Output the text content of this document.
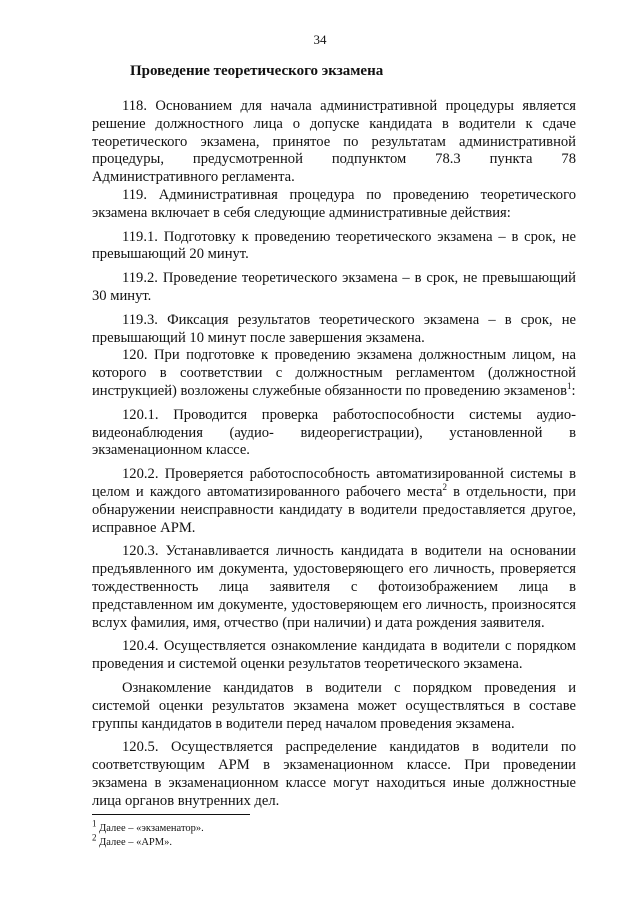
34
Проведение теоретического экзамена

118. Основанием для начала административной процедуры является решение должностного лица о допуске кандидата в водители к сдаче теоретического экзамена, принятое по результатам административной процедуры, предусмотренной подпунктом 78.3 пункта 78 Административного регламента.

119. Административная процедура по проведению теоретического экзамена включает в себя следующие административные действия:

119.1. Подготовку к проведению теоретического экзамена – в срок, не превышающий 20 минут.

119.2. Проведение теоретического экзамена – в срок, не превышающий 30 минут.

119.3. Фиксация результатов теоретического экзамена – в срок, не превышающий 10 минут после завершения экзамена.

120. При подготовке к проведению экзамена должностным лицом, на которого в соответствии с должностным регламентом (должностной инструкцией) возложены служебные обязанности по проведению экзаменов$^1$:

120.1. Проводится проверка работоспособности системы аудио-видеонаблюдения (аудио- видеорегистрации), установленной в экзаменационном классе.

120.2. Проверяется работоспособность автоматизированной системы в целом и каждого автоматизированного рабочего места$^2$ в отдельности, при обнаружении неисправности кандидату в водители предоставляется другое, исправное АРМ.

120.3. Устанавливается личность кандидата в водители на основании предъявленного им документа, удостоверяющего его личность, проверяется тождественность лица заявителя с фотоизображением лица в представленном им документе, удостоверяющем его личность, произносятся вслух фамилия, имя, отчество (при наличии) и дата рождения заявителя.

120.4. Осуществляется ознакомление кандидата в водители с порядком проведения и системой оценки результатов теоретического экзамена.

Ознакомление кандидатов в водители с порядком проведения и системой оценки результатов экзамена может осуществляться в составе группы кандидатов в водители перед началом проведения экзамена.

120.5. Осуществляется распределение кандидатов в водители по соответствующим АРМ в экзаменационном классе. При проведении экзамена в экзаменационном классе могут находиться иные должностные лица органов внутренних дел.

$^1$ Далее – «экзаменатор».

$^2$ Далее – «АРМ».
